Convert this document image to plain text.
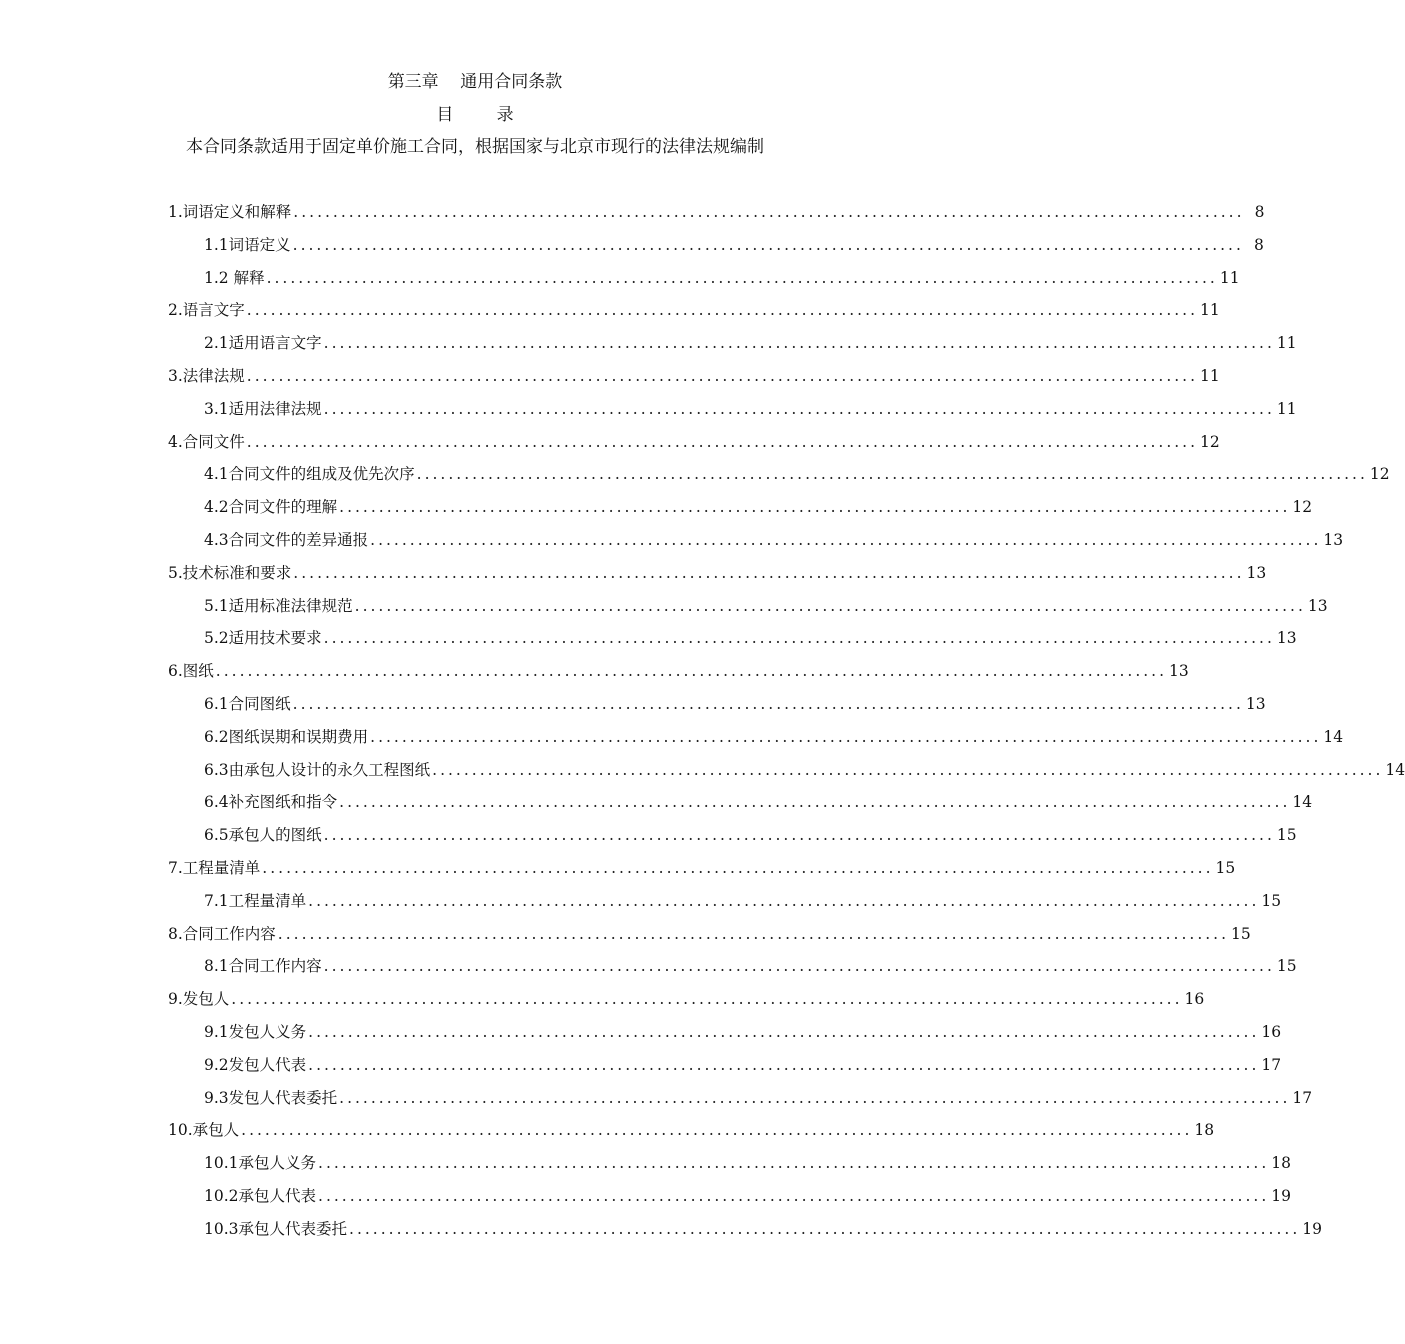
第三章    通用合同条款
目        录
本合同条款适用于固定单价施工合同，根据国家与北京市现行的法律法规编制
1.词语定义和解释 ........................................................................................................................ 8
1.1词语定义 ........................................................................................................................ 8
1.2 解释 ........................................................................................................................ 11
2.语言文字 ........................................................................................................................ 11
2.1适用语言文字 ........................................................................................................................ 11
3.法律法规 ........................................................................................................................ 11
3.1适用法律法规 ........................................................................................................................ 11
4.合同文件 ........................................................................................................................ 12
4.1合同文件的组成及优先次序 ........................................................................................................................ 12
4.2合同文件的理解 ........................................................................................................................ 12
4.3合同文件的差异通报 ........................................................................................................................ 13
5.技术标准和要求 ........................................................................................................................ 13
5.1适用标准法律规范 ........................................................................................................................ 13
5.2适用技术要求 ........................................................................................................................ 13
6.图纸 ........................................................................................................................ 13
6.1合同图纸 ........................................................................................................................ 13
6.2图纸误期和误期费用 ........................................................................................................................ 14
6.3由承包人设计的永久工程图纸 ........................................................................................................................ 14
6.4补充图纸和指令 ........................................................................................................................ 14
6.5承包人的图纸 ........................................................................................................................ 15
7.工程量清单 ........................................................................................................................ 15
7.1工程量清单 ........................................................................................................................ 15
8.合同工作内容 ........................................................................................................................ 15
8.1合同工作内容 ........................................................................................................................ 15
9.发包人 ........................................................................................................................ 16
9.1发包人义务 ........................................................................................................................ 16
9.2发包人代表 ........................................................................................................................ 17
9.3发包人代表委托 ........................................................................................................................ 17
10.承包人 ........................................................................................................................ 18
10.1承包人义务 ........................................................................................................................ 18
10.2承包人代表 ........................................................................................................................ 19
10.3承包人代表委托 ........................................................................................................................ 19
